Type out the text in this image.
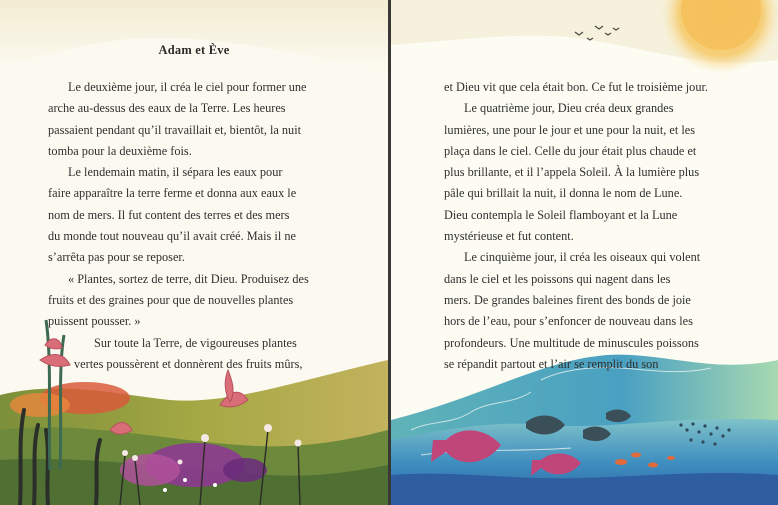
Adam et Ève

Le deuxième jour, il créa le ciel pour former une
arche au-dessus des eaux de la Terre. Les heures
passaient pendant qu’il travaillait et, bientôt, la nuit
tomba pour la deuxième fois.

Le lendemain matin, il sépara les eaux pour
faire apparaître la terre ferme et donna aux eaux le
nom de mers. Il fut content des terres et des mers
du monde tout nouveau qu’il avait créé. Mais il ne
s’arrêta pas pour se reposer.

« Plantes, sortez de terre, dit Dieu. Produisez des
fruits et des graines pour que de nouvelles plantes
puissent pousser. »

Sur toute la Terre, de vigoureuses plantes
vertes poussèrent et donnèrent des fruits mûrs,

et Dieu vit que cela était bon. Ce fut le troisième jour.

Le quatrième jour, Dieu créa deux grandes
lumières, une pour le jour et une pour la nuit, et les
plaça dans le ciel. Celle du jour était plus chaude et
plus brillante, et il l’appela Soleil. À la lumière plus
pâle qui brillait la nuit, il donna le nom de Lune.
Dieu contempla le Soleil flamboyant et la Lune
mystérieuse et fut content.

Le cinquième jour, il créa les oiseaux qui volent
dans le ciel et les poissons qui nagent dans les
mers. De grandes baleines firent des bonds de joie
hors de l’eau, pour s’enfoncer de nouveau dans les
profondeurs. Une multitude de minuscules poissons
se répandit partout et l’air se remplit du son
